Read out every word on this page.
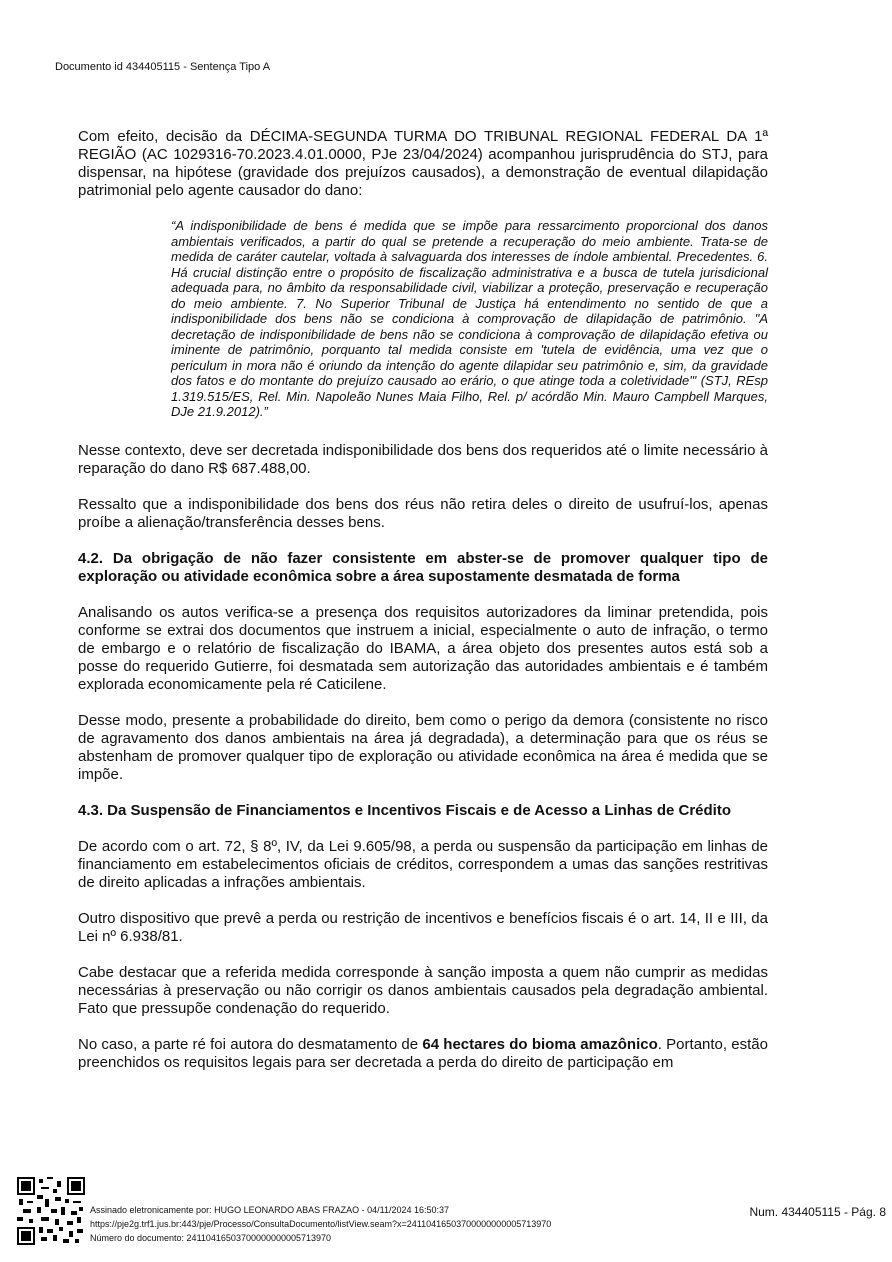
Documento id 434405115 - Sentença Tipo A

Com efeito, decisão da DÉCIMA-SEGUNDA TURMA DO TRIBUNAL REGIONAL FEDERAL DA 1ª REGIÃO (AC 1029316-70.2023.4.01.0000, PJe 23/04/2024) acompanhou jurisprudência do STJ, para dispensar, na hipótese (gravidade dos prejuízos causados), a demonstração de eventual dilapidação patrimonial pelo agente causador do dano:

“A indisponibilidade de bens é medida que se impõe para ressarcimento proporcional dos danos ambientais verificados, a partir do qual se pretende a recuperação do meio ambiente. Trata-se de medida de caráter cautelar, voltada à salvaguarda dos interesses de índole ambiental. Precedentes. 6. Há crucial distinção entre o propósito de fiscalização administrativa e a busca de tutela jurisdicional adequada para, no âmbito da responsabilidade civil, viabilizar a proteção, preservação e recuperação do meio ambiente. 7. No Superior Tribunal de Justiça há entendimento no sentido de que a indisponibilidade dos bens não se condiciona à comprovação de dilapidação de patrimônio. "A decretação de indisponibilidade de bens não se condiciona à comprovação de dilapidação efetiva ou iminente de patrimônio, porquanto tal medida consiste em 'tutela de evidência, uma vez que o periculum in mora não é oriundo da intenção do agente dilapidar seu patrimônio e, sim, da gravidade dos fatos e do montante do prejuízo causado ao erário, o que atinge toda a coletividade'" (STJ, REsp 1.319.515/ES, Rel. Min. Napoleão Nunes Maia Filho, Rel. p/ acórdão Min. Mauro Campbell Marques, DJe 21.9.2012).”

Nesse contexto, deve ser decretada indisponibilidade dos bens dos requeridos até o limite necessário à reparação do dano R$ 687.488,00.

Ressalto que a indisponibilidade dos bens dos réus não retira deles o direito de usufruí-los, apenas proíbe a alienação/transferência desses bens.

4.2. Da obrigação de não fazer consistente em abster-se de promover qualquer tipo de exploração ou atividade econômica sobre a área supostamente desmatada de forma

Analisando os autos verifica-se a presença dos requisitos autorizadores da liminar pretendida, pois conforme se extrai dos documentos que instruem a inicial, especialmente o auto de infração, o termo de embargo e o relatório de fiscalização do IBAMA, a área objeto dos presentes autos está sob a posse do requerido Gutierre, foi desmatada sem autorização das autoridades ambientais e é também explorada economicamente pela ré Caticilene.

Desse modo, presente a probabilidade do direito, bem como o perigo da demora (consistente no risco de agravamento dos danos ambientais na área já degradada), a determinação para que os réus se abstenham de promover qualquer tipo de exploração ou atividade econômica na área é medida que se impõe.

4.3. Da Suspensão de Financiamentos e Incentivos Fiscais e de Acesso a Linhas de Crédito

De acordo com o art. 72, § 8º, IV, da Lei 9.605/98, a perda ou suspensão da participação em linhas de financiamento em estabelecimentos oficiais de créditos, correspondem a umas das sanções restritivas de direito aplicadas a infrações ambientais.

Outro dispositivo que prevê a perda ou restrição de incentivos e benefícios fiscais é o art. 14, II e III, da Lei nº 6.938/81.

Cabe destacar que a referida medida corresponde à sanção imposta a quem não cumprir as medidas necessárias à preservação ou não corrigir os danos ambientais causados pela degradação ambiental. Fato que pressupõe condenação do requerido.

No caso, a parte ré foi autora do desmatamento de 64 hectares do bioma amazônico. Portanto, estão preenchidos os requisitos legais para ser decretada a perda do direito de participação em

Assinado eletronicamente por: HUGO LEONARDO ABAS FRAZAO - 04/11/2024 16:50:37
https://pje2g.trf1.jus.br:443/pje/Processo/ConsultaDocumento/listView.seam?x=24110416503700000000005713970
Número do documento: 24110416503700000000005713970
Num. 434405115 - Pág. 8
